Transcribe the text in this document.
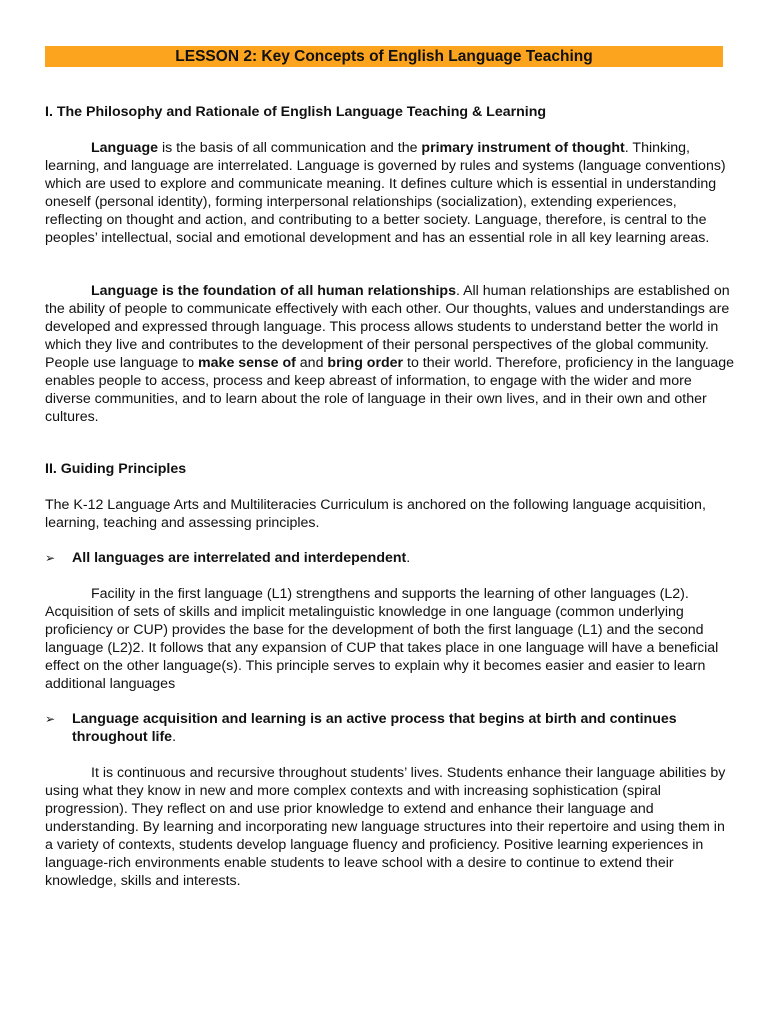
LESSON 2: Key Concepts of English Language Teaching
I. The Philosophy and Rationale of English Language Teaching & Learning
Language is the basis of all communication and the primary instrument of thought. Thinking, learning, and language are interrelated. Language is governed by rules and systems (language conventions) which are used to explore and communicate meaning. It defines culture which is essential in understanding oneself (personal identity), forming interpersonal relationships (socialization), extending experiences, reflecting on thought and action, and contributing to a better society. Language, therefore, is central to the peoples’ intellectual, social and emotional development and has an essential role in all key learning areas.
Language is the foundation of all human relationships. All human relationships are established on the ability of people to communicate effectively with each other. Our thoughts, values and understandings are developed and expressed through language. This process allows students to understand better the world in which they live and contributes to the development of their personal perspectives of the global community. People use language to make sense of and bring order to their world. Therefore, proficiency in the language enables people to access, process and keep abreast of information, to engage with the wider and more diverse communities, and to learn about the role of language in their own lives, and in their own and other cultures.
II. Guiding Principles
The K-12 Language Arts and Multiliteracies Curriculum is anchored on the following language acquisition, learning, teaching and assessing principles.
➢ All languages are interrelated and interdependent.
Facility in the first language (L1) strengthens and supports the learning of other languages (L2). Acquisition of sets of skills and implicit metalinguistic knowledge in one language (common underlying proficiency or CUP) provides the base for the development of both the first language (L1) and the second language (L2)2. It follows that any expansion of CUP that takes place in one language will have a beneficial effect on the other language(s). This principle serves to explain why it becomes easier and easier to learn additional languages
➢ Language acquisition and learning is an active process that begins at birth and continues throughout life.
It is continuous and recursive throughout students’ lives. Students enhance their language abilities by using what they know in new and more complex contexts and with increasing sophistication (spiral progression). They reflect on and use prior knowledge to extend and enhance their language and understanding. By learning and incorporating new language structures into their repertoire and using them in a variety of contexts, students develop language fluency and proficiency. Positive learning experiences in language-rich environments enable students to leave school with a desire to continue to extend their knowledge, skills and interests.
